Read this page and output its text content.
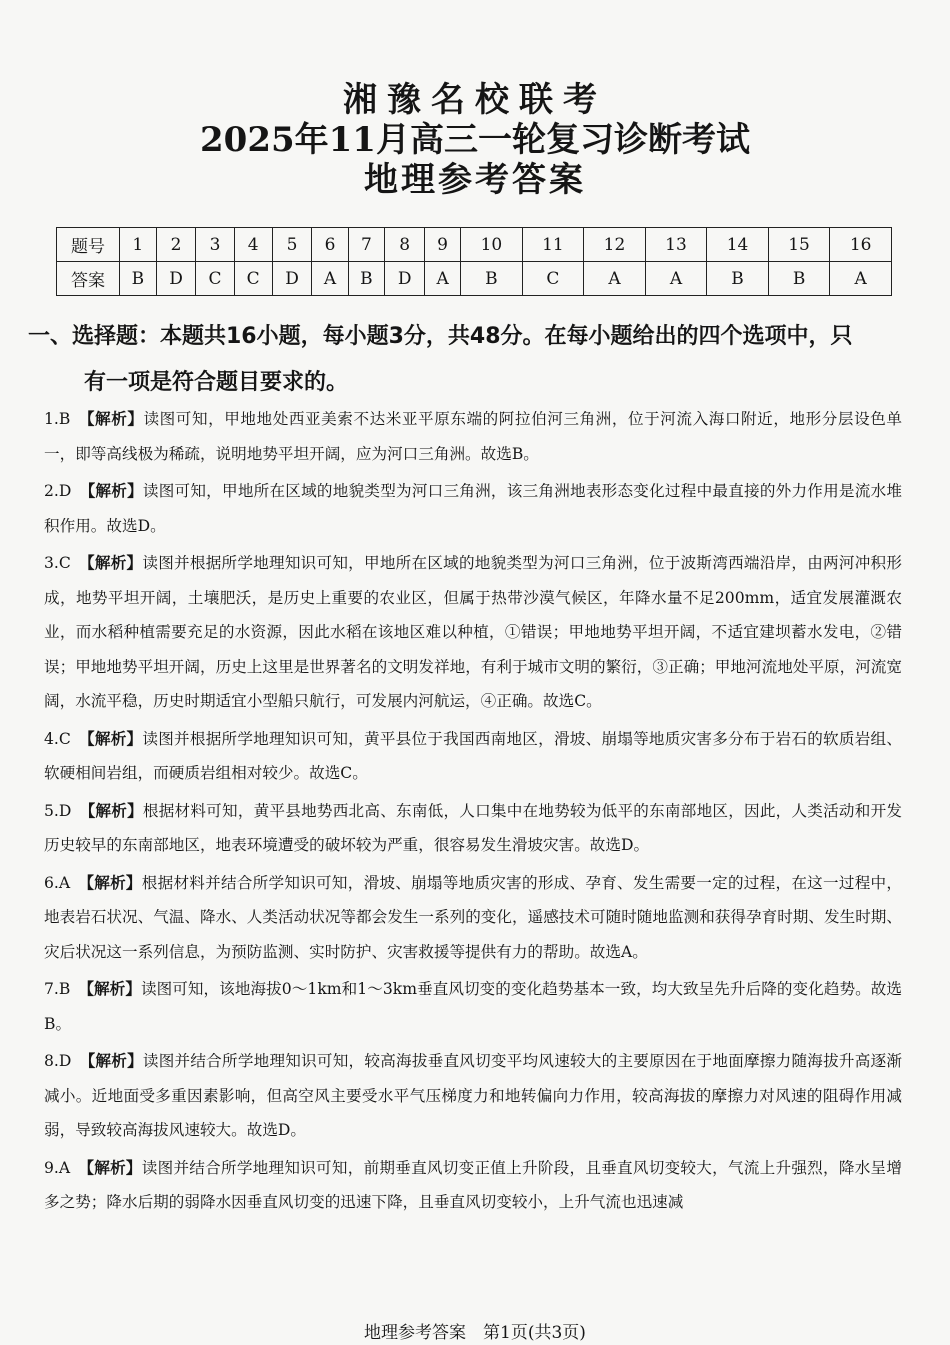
湘豫名校联考
2025年11月高三一轮复习诊断考试
地理参考答案
题号	1	2	3	4	5	6	7	8	9	10	11	12	13	14	15	16
答案	B	D	C	C	D	A	B	D	A	B	C	A	A	B	B	A
一、选择题：本题共16小题，每小题3分，共48分。在每小题给出的四个选项中，只
有一项是符合题目要求的。
1.B 【解析】读图可知，甲地地处西亚美索不达米亚平原东端的阿拉伯河三角洲，位于河流入海口附近，地形分层设色单一，即等高线极为稀疏，说明地势平坦开阔，应为河口三角洲。故选B。
2.D 【解析】读图可知，甲地所在区域的地貌类型为河口三角洲，该三角洲地表形态变化过程中最直接的外力作用是流水堆积作用。故选D。
3.C 【解析】读图并根据所学地理知识可知，甲地所在区域的地貌类型为河口三角洲，位于波斯湾西端沿岸，由两河冲积形成，地势平坦开阔，土壤肥沃，是历史上重要的农业区，但属于热带沙漠气候区，年降水量不足200mm，适宜发展灌溉农业，而水稻种植需要充足的水资源，因此水稻在该地区难以种植，①错误；甲地地势平坦开阔，不适宜建坝蓄水发电，②错误；甲地地势平坦开阔，历史上这里是世界著名的文明发祥地，有利于城市文明的繁衍，③正确；甲地河流地处平原，河流宽阔，水流平稳，历史时期适宜小型船只航行，可发展内河航运，④正确。故选C。
4.C 【解析】读图并根据所学地理知识可知，黄平县位于我国西南地区，滑坡、崩塌等地质灾害多分布于岩石的软质岩组、软硬相间岩组，而硬质岩组相对较少。故选C。
5.D 【解析】根据材料可知，黄平县地势西北高、东南低，人口集中在地势较为低平的东南部地区，因此，人类活动和开发历史较早的东南部地区，地表环境遭受的破坏较为严重，很容易发生滑坡灾害。故选D。
6.A 【解析】根据材料并结合所学知识可知，滑坡、崩塌等地质灾害的形成、孕育、发生需要一定的过程，在这一过程中，地表岩石状况、气温、降水、人类活动状况等都会发生一系列的变化，遥感技术可随时随地监测和获得孕育时期、发生时期、灾后状况这一系列信息，为预防监测、实时防护、灾害救援等提供有力的帮助。故选A。
7.B 【解析】读图可知，该地海拔0～1km和1～3km垂直风切变的变化趋势基本一致，均大致呈先升后降的变化趋势。故选B。
8.D 【解析】读图并结合所学地理知识可知，较高海拔垂直风切变平均风速较大的主要原因在于地面摩擦力随海拔升高逐渐减小。近地面受多重因素影响，但高空风主要受水平气压梯度力和地转偏向力作用，较高海拔的摩擦力对风速的阻碍作用减弱，导致较高海拔风速较大。故选D。
9.A 【解析】读图并结合所学地理知识可知，前期垂直风切变正值上升阶段，且垂直风切变较大，气流上升强烈，降水呈增多之势；降水后期的弱降水因垂直风切变的迅速下降，且垂直风切变较小，上升气流也迅速减
地理参考答案　第1页(共3页)
